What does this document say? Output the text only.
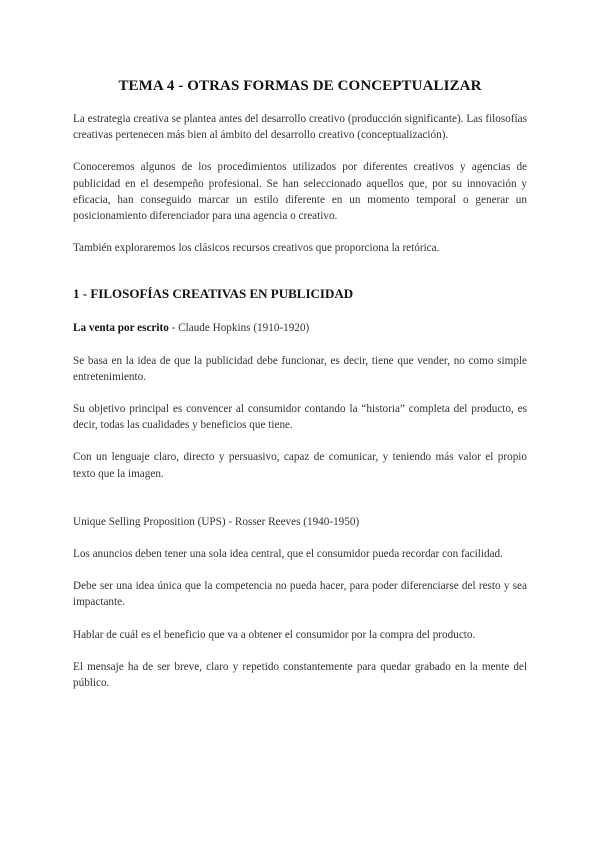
TEMA 4 - OTRAS FORMAS DE CONCEPTUALIZAR

La estrategia creativa se plantea antes del desarrollo creativo (producción significante). Las filosofías creativas pertenecen más bien al ámbito del desarrollo creativo (conceptualización).

Conoceremos algunos de los procedimientos utilizados por diferentes creativos y agencias de publicidad en el desempeño profesional. Se han seleccionado aquellos que, por su innovación y eficacia, han conseguido marcar un estilo diferente en un momento temporal o generar un posicionamiento diferenciador para una agencia o creativo.

También exploraremos los clásicos recursos creativos que proporciona la retórica.

1 - FILOSOFÍAS CREATIVAS EN PUBLICIDAD

La venta por escrito - Claude Hopkins (1910-1920)

Se basa en la idea de que la publicidad debe funcionar, es decir, tiene que vender, no como simple entretenimiento.

Su objetivo principal es convencer al consumidor contando la “historia” completa del producto, es decir, todas las cualidades y beneficios que tiene.

Con un lenguaje claro, directo y persuasivo, capaz de comunicar, y teniendo más valor el propio texto que la imagen.

Unique Selling Proposition (UPS) - Rosser Reeves (1940-1950)

Los anuncios deben tener una sola idea central, que el consumidor pueda recordar con facilidad.

Debe ser una idea única que la competencia no pueda hacer, para poder diferenciarse del resto y sea impactante.

Hablar de cuál es el beneficio que va a obtener el consumidor por la compra del producto.

El mensaje ha de ser breve, claro y repetido constantemente para quedar grabado en la mente del público.
